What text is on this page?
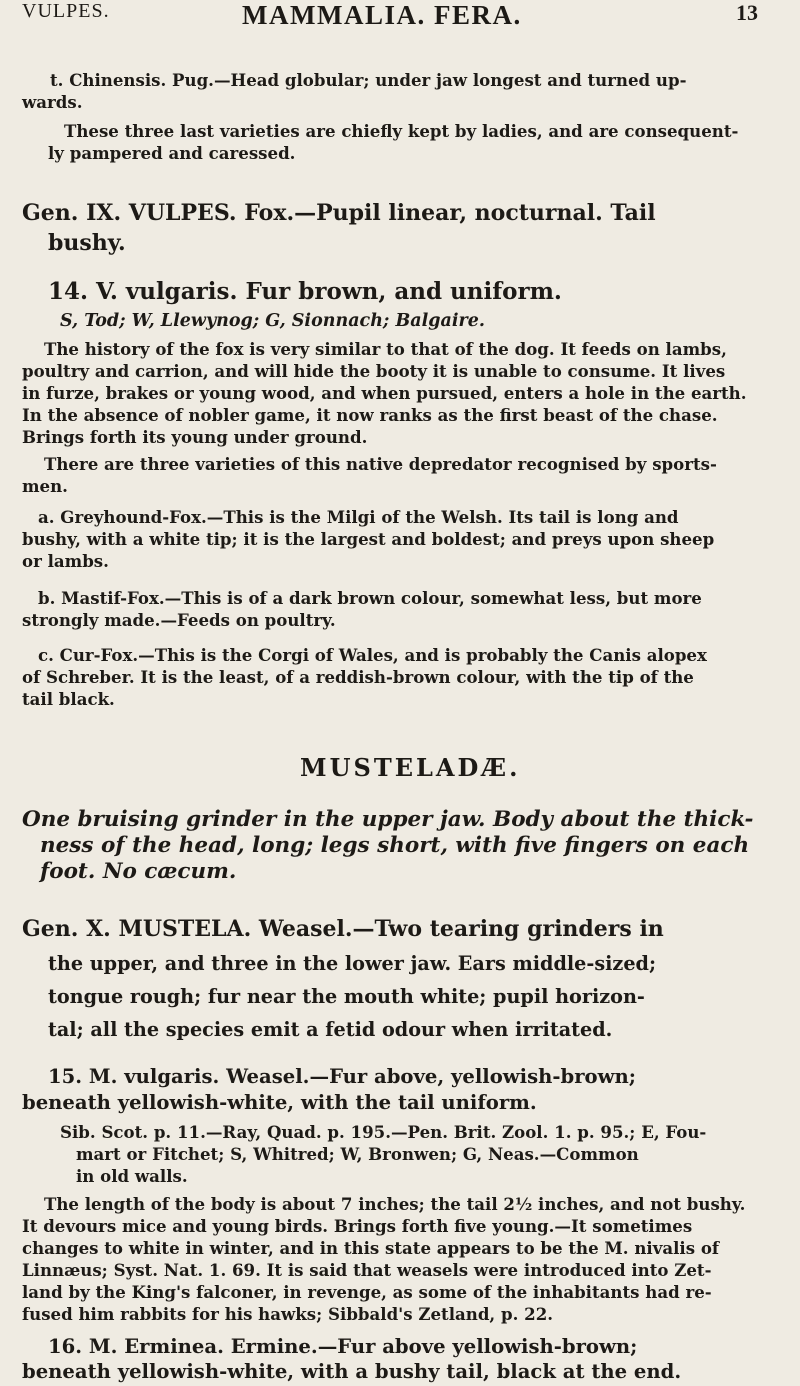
VULPES.	MAMMALIA. FERA.	13

t. Chinensis. Pug.—Head globular; under jaw longest and turned up-

wards.

These three last varieties are chiefly kept by ladies, and are consequent-

ly pampered and caressed.

Gen. IX. VULPES. Fox.—Pupil linear, nocturnal. Tail

bushy.

14. V. vulgaris. Fur brown, and uniform.

S, Tod; W, Llewynog; G, Sionnach; Balgaire.

The history of the fox is very similar to that of the dog. It feeds on lambs,

poultry and carrion, and will hide the booty it is unable to consume. It lives

in furze, brakes or young wood, and when pursued, enters a hole in the earth.

In the absence of nobler game, it now ranks as the first beast of the chase.

Brings forth its young under ground.

There are three varieties of this native depredator recognised by sports-

men.

a. Greyhound-Fox.—This is the Milgi of the Welsh. Its tail is long and

bushy, with a white tip; it is the largest and boldest; and preys upon sheep

or lambs.

b. Mastif-Fox.—This is of a dark brown colour, somewhat less, but more

strongly made.—Feeds on poultry.

c. Cur-Fox.—This is the Corgi of Wales, and is probably the Canis alopex

of Schreber. It is the least, of a reddish-brown colour, with the tip of the

tail black.

MUSTELADÆ.

One bruising grinder in the upper jaw. Body about the thick-

ness of the head, long; legs short, with five fingers on each

foot. No cæcum.

Gen. X. MUSTELA. Weasel.—Two tearing grinders in

the upper, and three in the lower jaw. Ears middle-sized;

tongue rough; fur near the mouth white; pupil horizon-

tal; all the species emit a fetid odour when irritated.

15. M. vulgaris. Weasel.—Fur above, yellowish-brown;

beneath yellowish-white, with the tail uniform.

Sib. Scot. p. 11.—Ray, Quad. p. 195.—Pen. Brit. Zool. 1. p. 95.; E, Fou-

mart or Fitchet; S, Whitred; W, Bronwen; G, Neas.—Common

in old walls.

The length of the body is about 7 inches; the tail 2½ inches, and not bushy.

It devours mice and young birds. Brings forth five young.—It sometimes

changes to white in winter, and in this state appears to be the M. nivalis of

Linnæus; Syst. Nat. 1. 69. It is said that weasels were introduced into Zet-

land by the King's falconer, in revenge, as some of the inhabitants had re-

fused him rabbits for his hawks; Sibbald's Zetland, p. 22.

16. M. Erminea. Ermine.—Fur above yellowish-brown;

beneath yellowish-white, with a bushy tail, black at the end.
